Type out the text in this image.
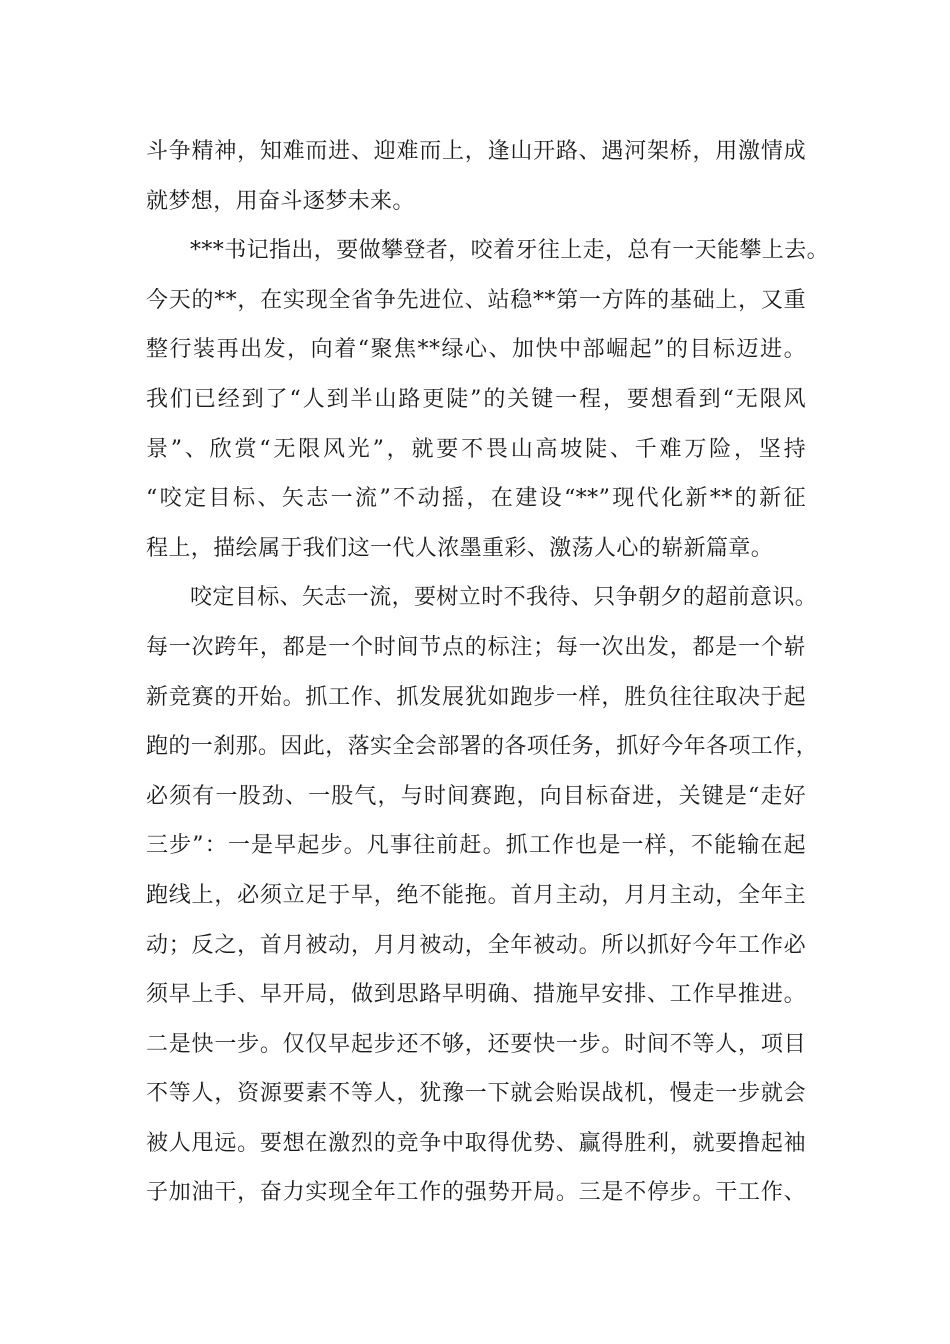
斗争精神，知难而进、迎难而上，逢山开路、遇河架桥，用激情成
就梦想，用奋斗逐梦未来。
***书记指出，要做攀登者，咬着牙往上走，总有一天能攀上去。
今天的**，在实现全省争先进位、站稳**第一方阵的基础上，又重
整行装再出发，向着“聚焦**绿心、加快中部崛起”的目标迈进。
我们已经到了“人到半山路更陡”的关键一程，要想看到“无限风
景”、欣赏“无限风光”，就要不畏山高坡陡、千难万险，坚持
“咬定目标、矢志一流”不动摇，在建设“**”现代化新**的新征
程上，描绘属于我们这一代人浓墨重彩、激荡人心的崭新篇章。
咬定目标、矢志一流，要树立时不我待、只争朝夕的超前意识。
每一次跨年，都是一个时间节点的标注；每一次出发，都是一个崭
新竞赛的开始。抓工作、抓发展犹如跑步一样，胜负往往取决于起
跑的一刹那。因此，落实全会部署的各项任务，抓好今年各项工作，
必须有一股劲、一股气，与时间赛跑，向目标奋进，关键是“走好
三步”：一是早起步。凡事往前赶。抓工作也是一样，不能输在起
跑线上，必须立足于早，绝不能拖。首月主动，月月主动，全年主
动；反之，首月被动，月月被动，全年被动。所以抓好今年工作必
须早上手、早开局，做到思路早明确、措施早安排、工作早推进。
二是快一步。仅仅早起步还不够，还要快一步。时间不等人，项目
不等人，资源要素不等人，犹豫一下就会贻误战机，慢走一步就会
被人甩远。要想在激烈的竞争中取得优势、赢得胜利，就要撸起袖
子加油干，奋力实现全年工作的强势开局。三是不停步。干工作、
